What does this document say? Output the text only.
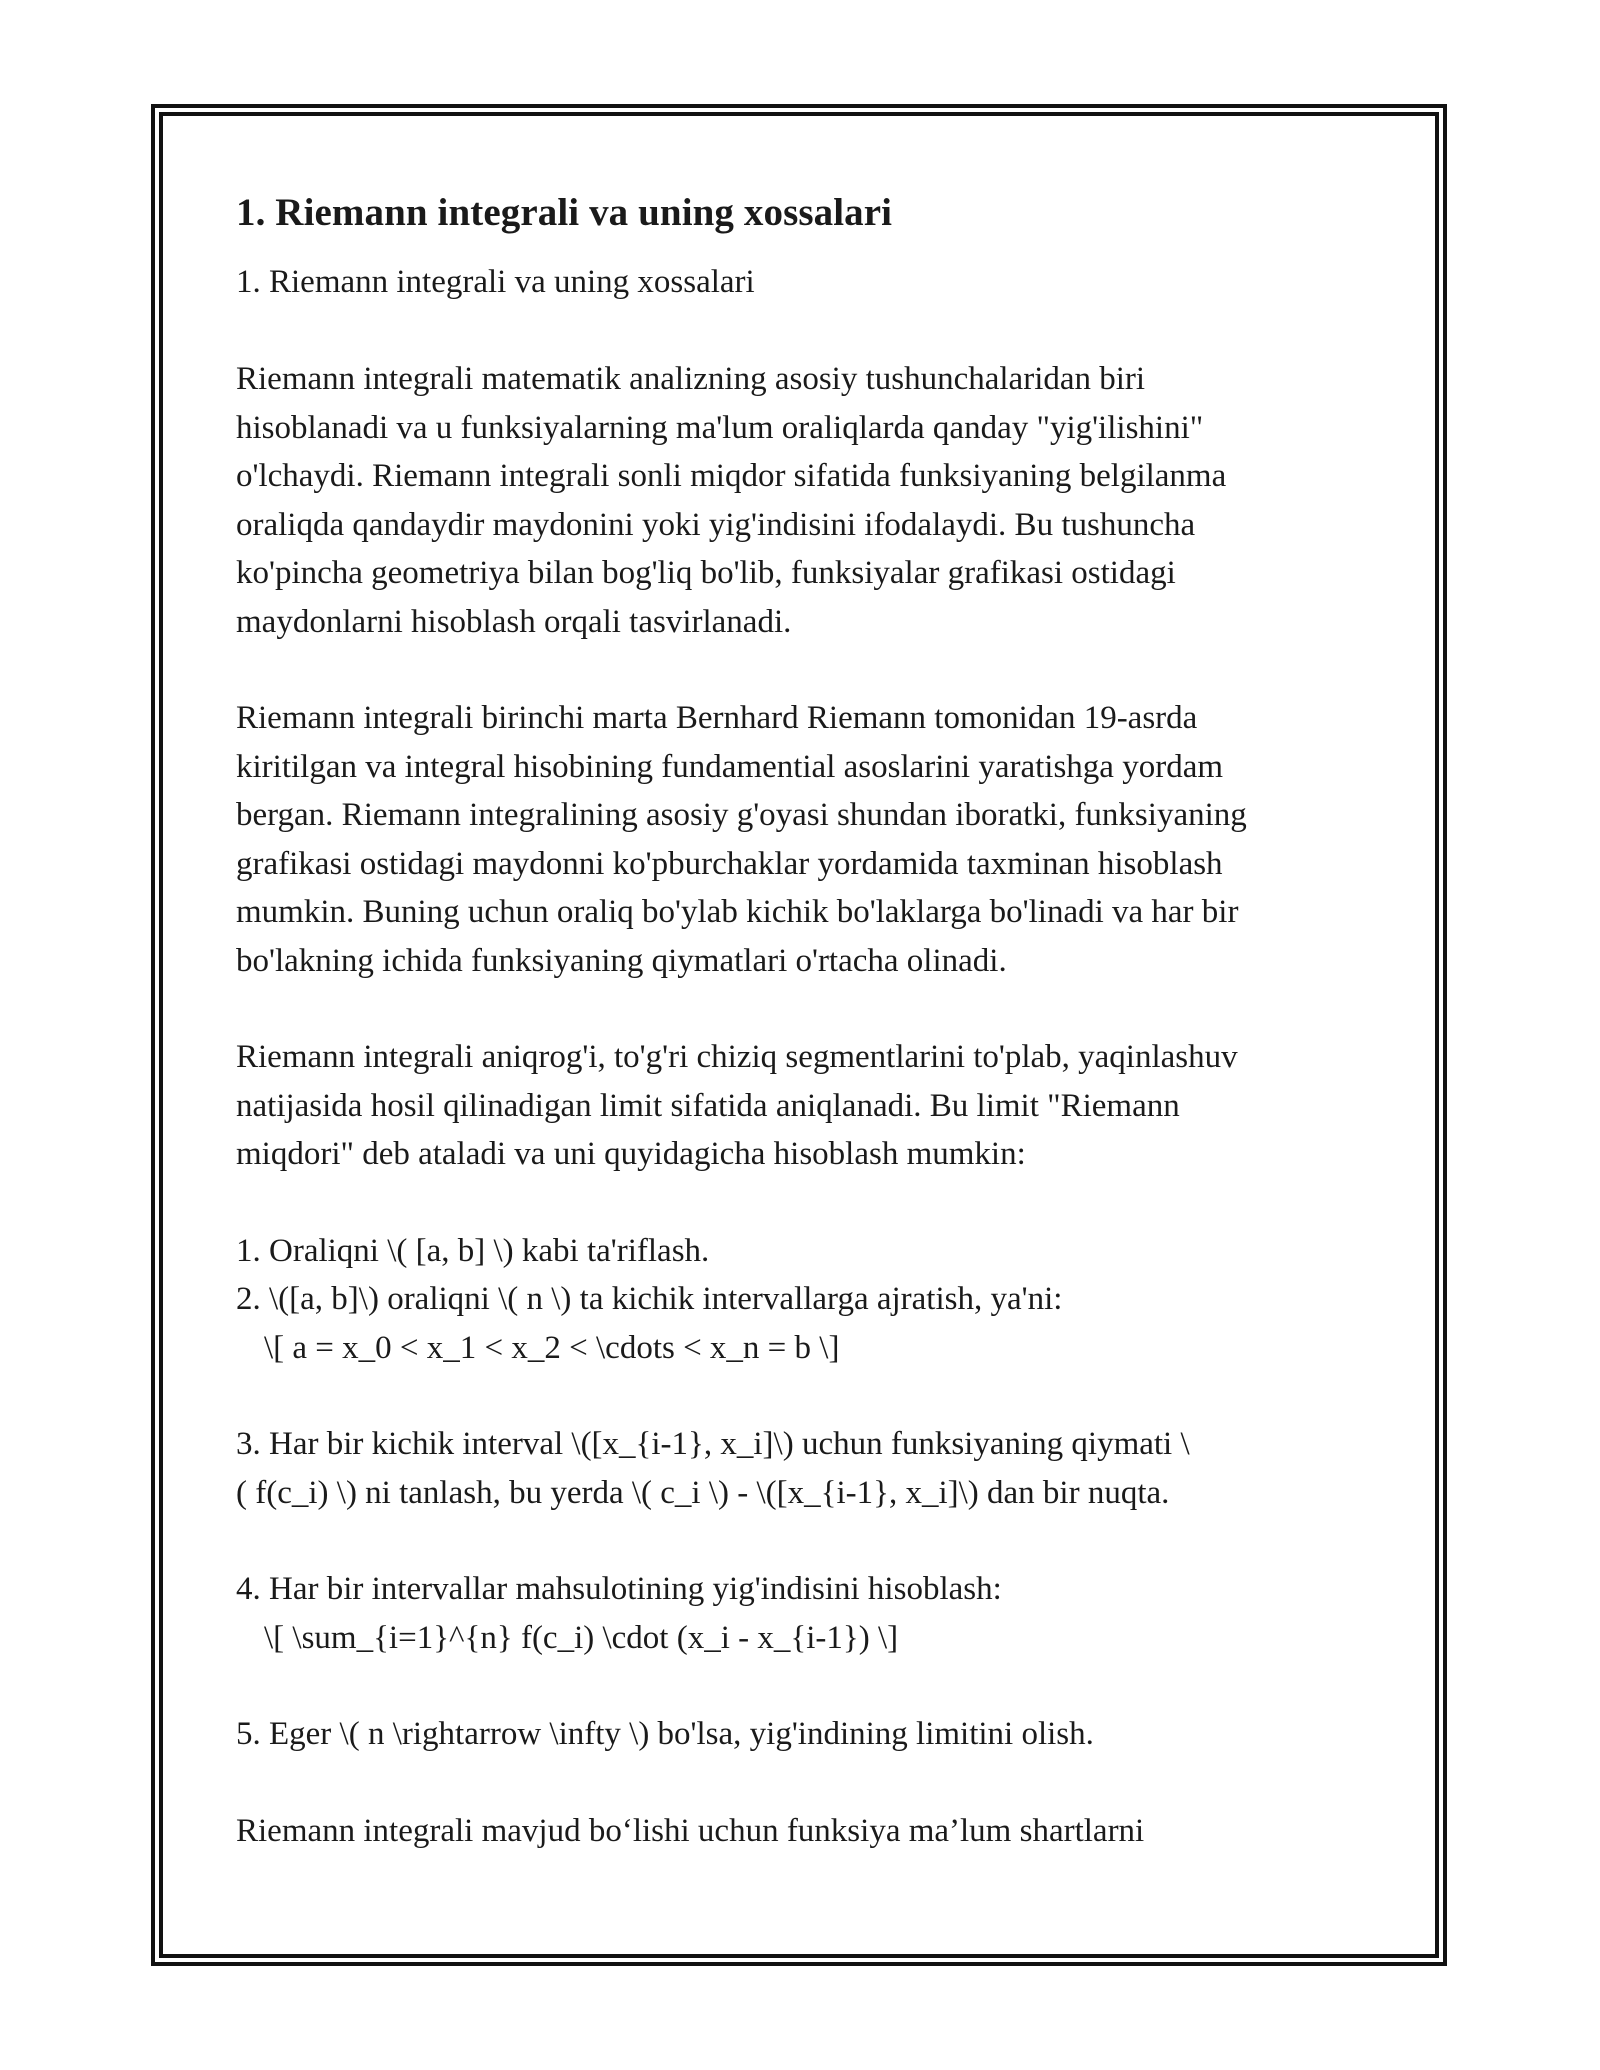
1. Riemann integrali va uning xossalari
1. Riemann integrali va uning xossalari
Riemann integrali matematik analizning asosiy tushunchalaridan biri
hisoblanadi va u funksiyalarning ma'lum oraliqlarda qanday "yig'ilishini"
o'lchaydi. Riemann integrali sonli miqdor sifatida funksiyaning belgilanma
oraliqda qandaydir maydonini yoki yig'indisini ifodalaydi. Bu tushuncha
ko'pincha geometriya bilan bog'liq bo'lib, funksiyalar grafikasi ostidagi
maydonlarni hisoblash orqali tasvirlanadi.
Riemann integrali birinchi marta Bernhard Riemann tomonidan 19-asrda
kiritilgan va integral hisobining fundamential asoslarini yaratishga yordam
bergan. Riemann integralining asosiy g'oyasi shundan iboratki, funksiyaning
grafikasi ostidagi maydonni ko'pburchaklar yordamida taxminan hisoblash
mumkin. Buning uchun oraliq bo'ylab kichik bo'laklarga bo'linadi va har bir
bo'lakning ichida funksiyaning qiymatlari o'rtacha olinadi.
Riemann integrali aniqrog'i, to'g'ri chiziq segmentlarini to'plab, yaqinlashuv
natijasida hosil qilinadigan limit sifatida aniqlanadi. Bu limit "Riemann
miqdori" deb ataladi va uni quyidagicha hisoblash mumkin:
1. Oraliqni \( [a, b] \) kabi ta'riflash.
2. \([a, b]\) oraliqni \( n \) ta kichik intervallarga ajratish, ya'ni:
\[ a = x_0 < x_1 < x_2 < \cdots < x_n = b \]
3. Har bir kichik interval \([x_{i-1}, x_i]\) uchun funksiyaning qiymati \
( f(c_i) \) ni tanlash, bu yerda \( c_i \) - \([x_{i-1}, x_i]\) dan bir nuqta.
4. Har bir intervallar mahsulotining yig'indisini hisoblash:
\[ \sum_{i=1}^{n} f(c_i) \cdot (x_i - x_{i-1}) \]
5. Eger \( n \rightarrow \infty \) bo'lsa, yig'indining limitini olish.
Riemann integrali mavjud bo‘lishi uchun funksiya ma’lum shartlarni
